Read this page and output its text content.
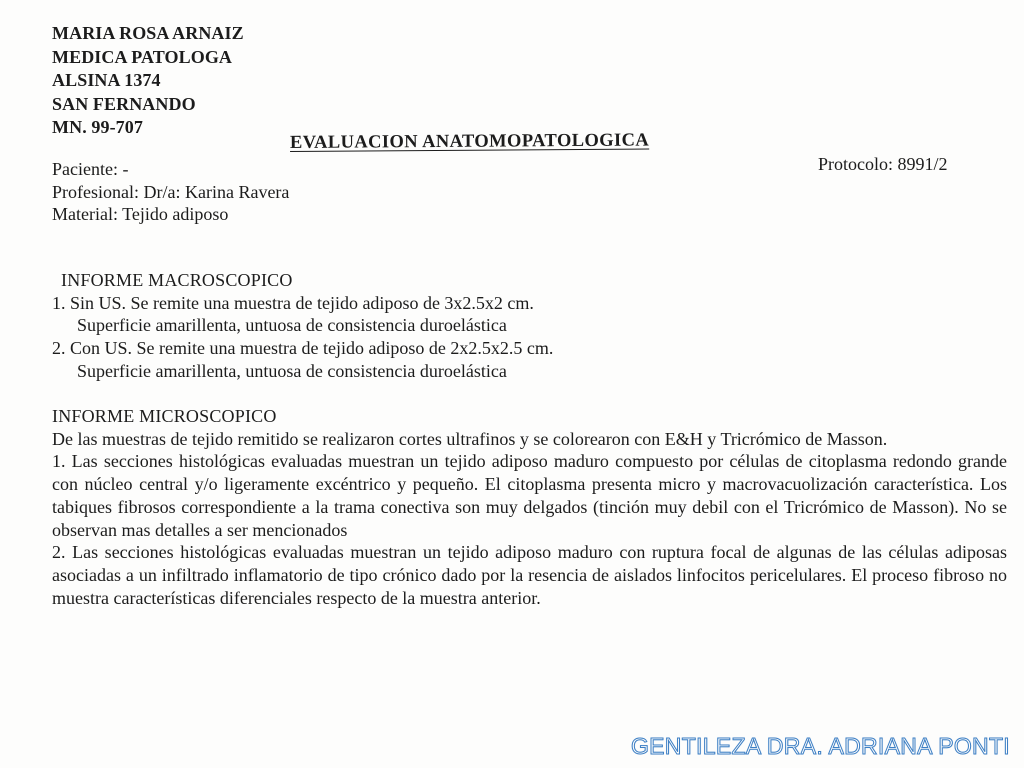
MARIA ROSA ARNAIZ
MEDICA PATOLOGA
ALSINA 1374
SAN FERNANDO
MN. 99-707
EVALUACION ANATOMOPATOLOGICA
Protocolo: 8991/2
Paciente: -
Profesional: Dr/a: Karina Ravera
Material: Tejido adiposo
INFORME MACROSCOPICO
1. Sin US. Se remite una muestra de tejido adiposo de 3x2.5x2 cm.
Superficie amarillenta, untuosa de consistencia duroelástica
2. Con US. Se remite una muestra de tejido adiposo de 2x2.5x2.5 cm.
Superficie amarillenta, untuosa de consistencia duroelástica
INFORME MICROSCOPICO

De las muestras de tejido remitido se realizaron cortes ultrafinos y se colorearon con E&H y Tricrómico de Masson.

1. Las secciones histológicas evaluadas muestran un tejido adiposo maduro compuesto por células de citoplasma redondo grande con núcleo central y/o ligeramente excéntrico y pequeño. El citoplasma presenta micro y macrovacuolización característica. Los tabiques fibrosos correspondiente a la trama conectiva son muy delgados (tinción muy debil con el Tricrómico de Masson). No se observan mas detalles a ser mencionados

2. Las secciones histológicas evaluadas muestran un tejido adiposo maduro con ruptura focal de algunas de las células adiposas asociadas a un infiltrado inflamatorio de tipo crónico dado por la resencia de aislados linfocitos pericelulares. El proceso fibroso no muestra características diferenciales respecto de la muestra anterior.

GENTILEZA DRA. ADRIANA PONTI
